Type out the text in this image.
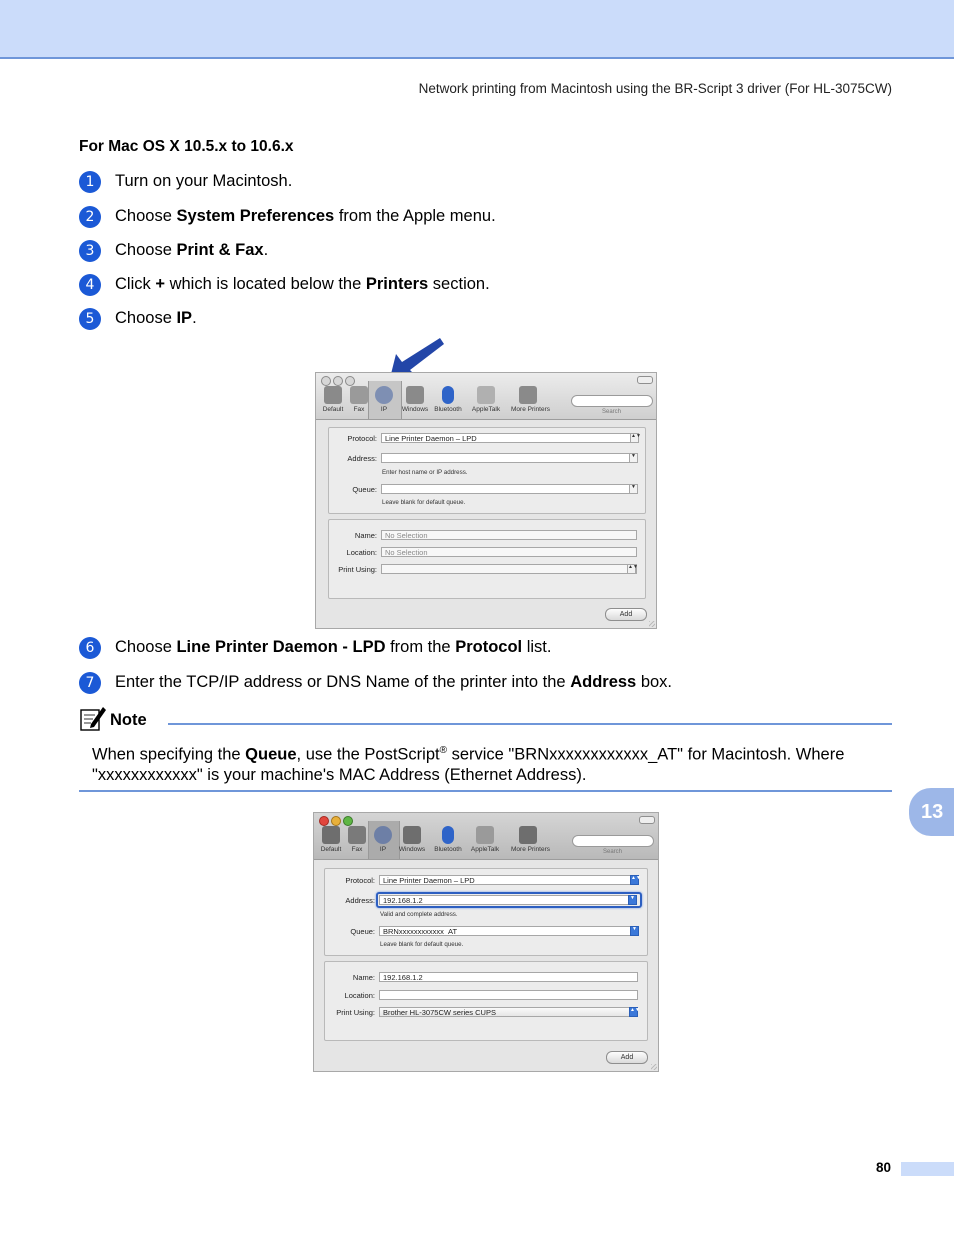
Network printing from Macintosh using the BR-Script 3 driver (For HL-3075CW)
For Mac OS X 10.5.x to 10.6.x
1	Turn on your Macintosh.
2	Choose System Preferences from the Apple menu.
3	Choose Print & Fax.
4	Click + which is located below the Printers section.
5	Choose IP.
Default	Fax	IP	Windows Bluetooth	AppleTalk	More Printers	Search
Protocol:	Line Printer Daemon – LPD	▲▼
Address:	▼
Enter host name or IP address.
Queue:	▼
Leave blank for default queue.
Name:	No Selection
Location:	No Selection
Print Using:	▲▼
Add
6	Choose Line Printer Daemon - LPD from the Protocol list.
7	Enter the TCP/IP address or DNS Name of the printer into the Address box.
Note
When specifying the Queue, use the PostScript® service "BRNxxxxxxxxxxxx_AT" for Macintosh. Where "xxxxxxxxxxxx" is your machine's MAC Address (Ethernet Address).
13
Default	Fax	IP	Windows	Bluetooth	AppleTalk	More Printers	Search
Protocol:	Line Printer Daemon – LPD	▲▼
Address:	192.168.1.2	▼
Valid and complete address.
Queue:	BRNxxxxxxxxxxxx_AT	▼
Leave blank for default queue.
Name:	192.168.1.2
Location:
Print Using:	Brother HL-3075CW series CUPS	▲▼
Add
80
